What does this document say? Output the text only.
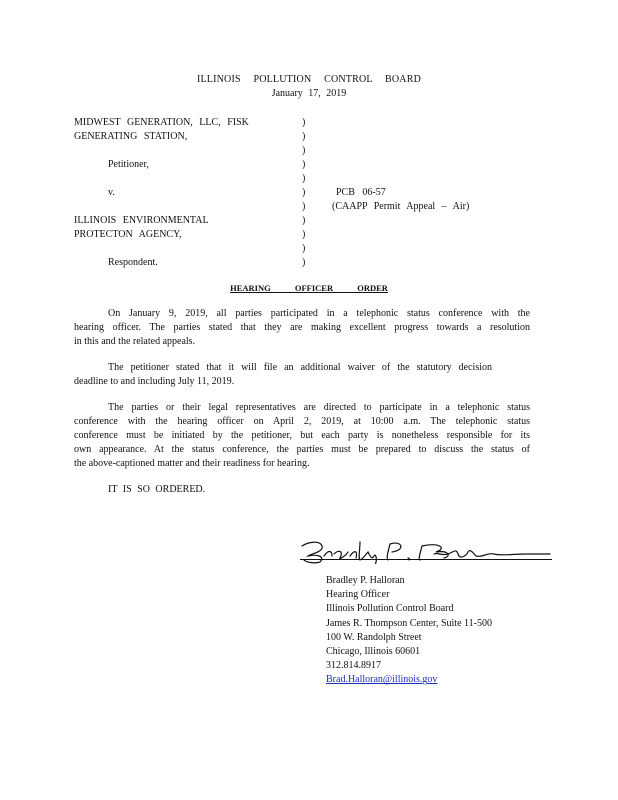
ILLINOIS POLLUTION CONTROL BOARD
January 17, 2019
MIDWEST GENERATION, LLC, FISK	)
GENERATING STATION,	)
)
Petitioner,	)
)
v.	)	PCB 06-57
)	(CAAPP Permit Appeal – Air)
ILLINOIS ENVIRONMENTAL	)
PROTECTON AGENCY,	)
)
Respondent.	)
HEARING OFFICER ORDER
On January 9, 2019, all parties participated in a telephonic status conference with the
hearing officer. The parties stated that they are making excellent progress towards a resolution
in this and the related appeals.
The petitioner stated that it will file an additional waiver of the statutory decision
deadline to and including July 11, 2019.
The parties or their legal representatives are directed to participate in a telephonic status
conference with the hearing officer on April 2, 2019, at 10:00 a.m. The telephonic status
conference must be initiated by the petitioner, but each party is nonetheless responsible for its
own appearance. At the status conference, the parties must be prepared to discuss the status of
the above-captioned matter and their readiness for hearing.
IT IS SO ORDERED.
Bradley P. Halloran
Hearing Officer
Illinois Pollution Control Board
James R. Thompson Center, Suite 11-500
100 W. Randolph Street
Chicago, Illinois 60601
312.814.8917
Brad.Halloran@illinois.gov
